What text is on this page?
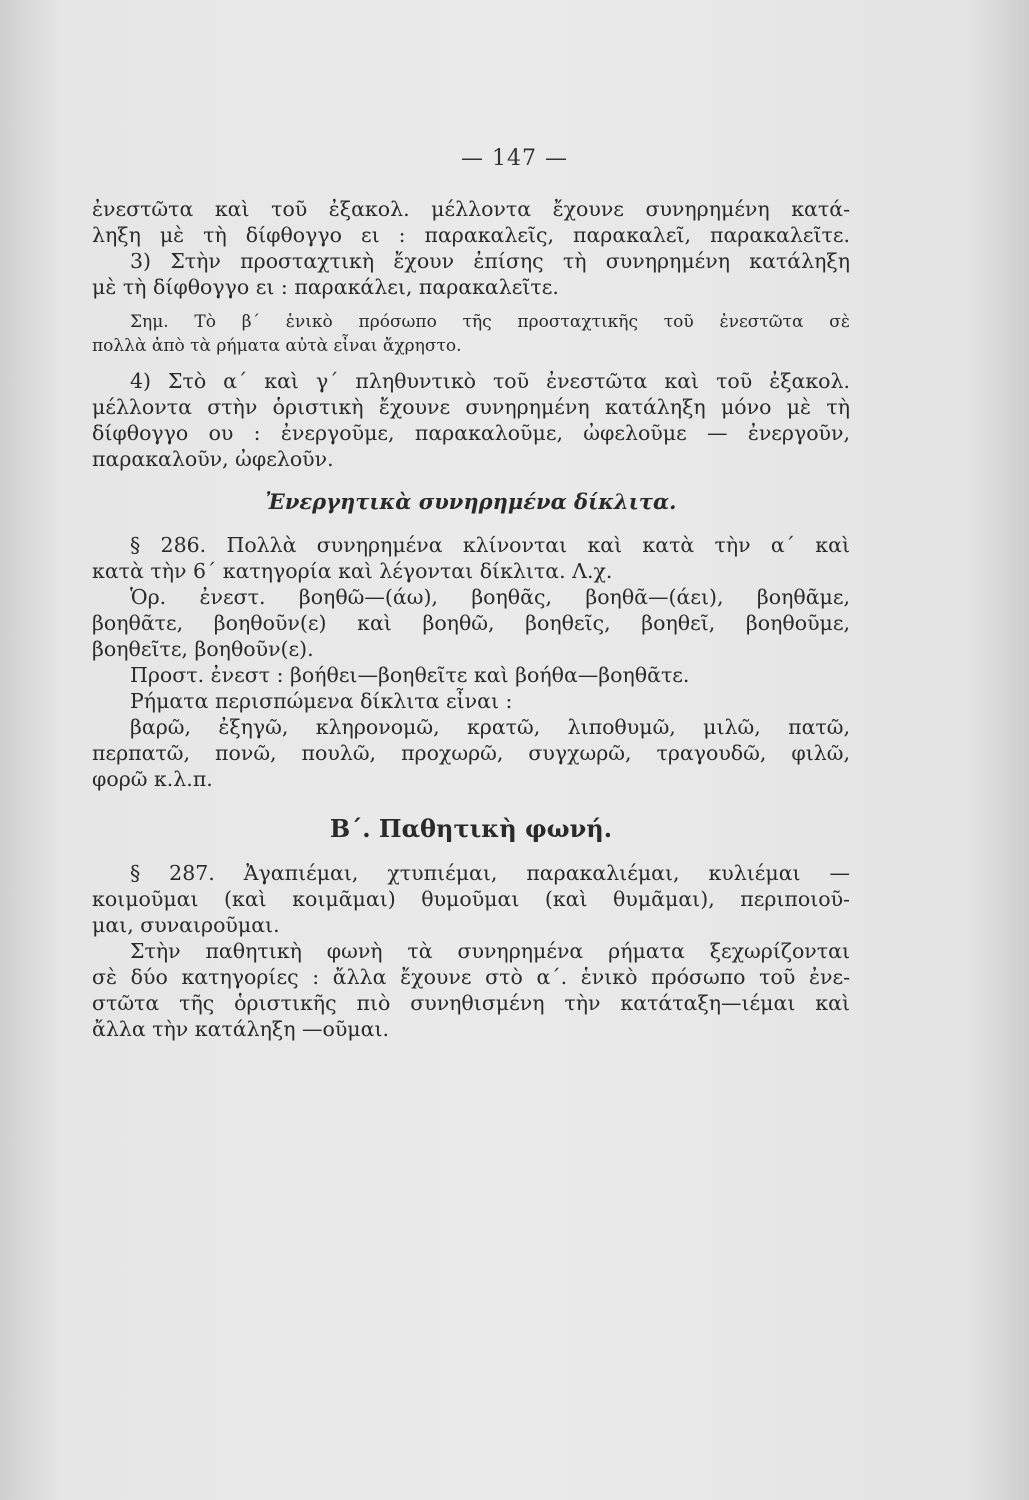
— 147 —
ἐνεστῶτα καὶ τοῦ ἐξακολ. μέλλοντα ἔχουνε συνηρημένη κατά-
ληξη μὲ τὴ δίφθογγο ει : παρακαλεῖς, παρακαλεῖ, παρακαλεῖτε.
3) Στὴν προσταχτικὴ ἔχουν ἐπίσης τὴ συνηρημένη κατάληξη
μὲ τὴ δίφθογγο ει : παρακάλει, παρακαλεῖτε.
Σημ. Τὸ β΄ ἑνικὸ πρόσωπο τῆς προσταχτικῆς τοῦ ἐνεστῶτα σὲ
πολλὰ ἀπὸ τὰ ρήματα αὐτὰ εἶναι ἄχρηστο.
4) Στὸ α΄ καὶ γ΄ πληθυντικὸ τοῦ ἐνεστῶτα καὶ τοῦ ἐξακολ.
μέλλοντα στὴν ὁριστικὴ ἔχουνε συνηρημένη κατάληξη μόνο μὲ τὴ
δίφθογγο ου : ἐνεργοῦμε, παρακαλοῦμε, ὠφελοῦμε — ἐνεργοῦν,
παρακαλοῦν, ὠφελοῦν.
Ἐνεργητικὰ συνηρημένα δίκλιτα.
§ 286. Πολλὰ συνηρημένα κλίνονται καὶ κατὰ τὴν α΄ καὶ
κατὰ τὴν 6΄ κατηγορία καὶ λέγονται δίκλιτα. Λ.χ.
Ὁρ. ἐνεστ. βοηθῶ—(άω), βοηθᾶς, βοηθᾶ—(άει), βοηθᾶμε,
βοηθᾶτε, βοηθοῦν(ε) καὶ βοηθῶ, βοηθεῖς, βοηθεῖ, βοηθοῦμε,
βοηθεῖτε, βοηθοῦν(ε).
Προστ. ἐνεστ : βοήθει—βοηθεῖτε καὶ βοήθα—βοηθᾶτε.
Ρήματα περισπώμενα δίκλιτα εἶναι :
βαρῶ, ἐξηγῶ, κληρονομῶ, κρατῶ, λιποθυμῶ, μιλῶ, πατῶ,
περπατῶ, πονῶ, πουλῶ, προχωρῶ, συγχωρῶ, τραγουδῶ, φιλῶ,
φορῶ κ.λ.π.
Β΄. Παθητικὴ φωνή.
§ 287. Ἀγαπιέμαι, χτυπιέμαι, παρακαλιέμαι, κυλιέμαι —
κοιμοῦμαι (καὶ κοιμᾶμαι) θυμοῦμαι (καὶ θυμᾶμαι), περιποιοῦ-
μαι, συναιροῦμαι.
Στὴν παθητικὴ φωνὴ τὰ συνηρημένα ρήματα ξεχωρίζονται
σὲ δύο κατηγορίες : ἄλλα ἔχουνε στὸ α΄. ἑνικὸ πρόσωπο τοῦ ἐνε-
στῶτα τῆς ὁριστικῆς πιὸ συνηθισμένη τὴν κατάταξη—ιέμαι καὶ
ἄλλα τὴν κατάληξη —οῦμαι.
